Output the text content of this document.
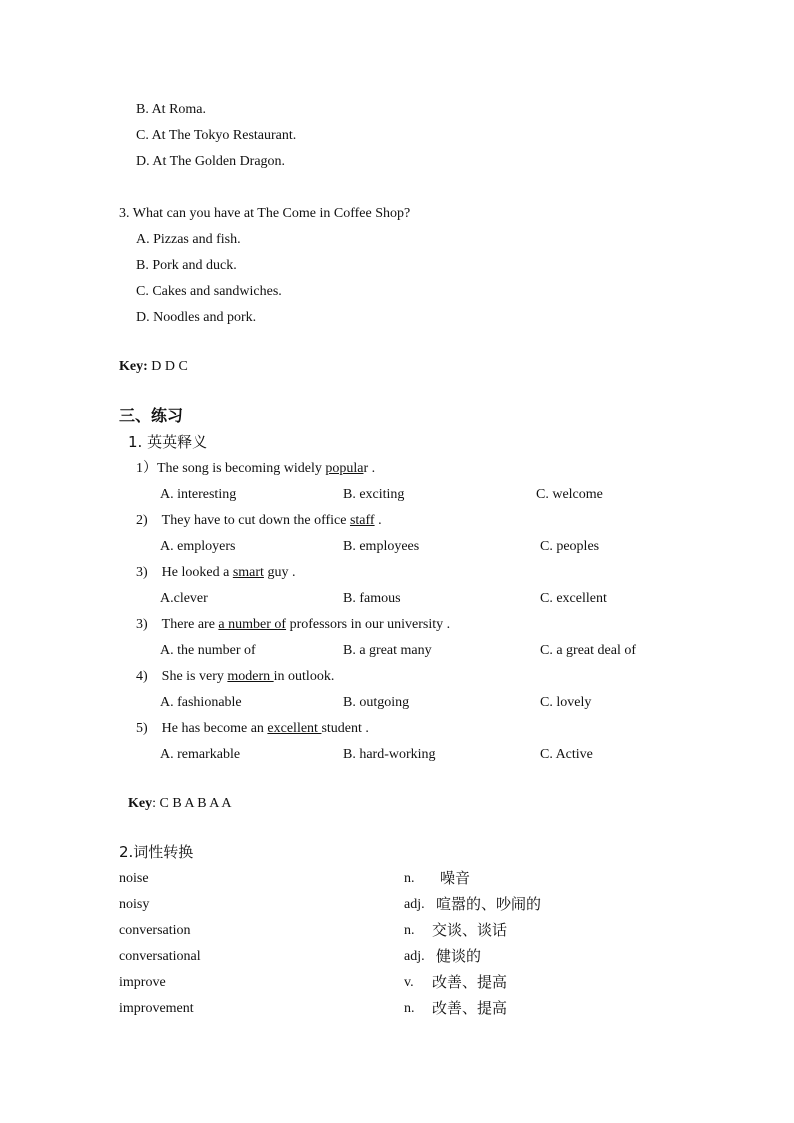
B. At Roma.
C. At The Tokyo Restaurant.
D. At The Golden Dragon.
3. What can you have at The Come in Coffee Shop?
A. Pizzas and fish.
B. Pork and duck.
C. Cakes and sandwiches.
D. Noodles and pork.
Key: D D C
三、练习
1. 英英释义
1）The song is becoming widely popular .
A. interesting	B. exciting	C. welcome
2) They have to cut down the office staff .
A. employers	B. employees	C. peoples
3) He looked a smart guy .
A.clever	B. famous	C. excellent
3) There are a number of professors in our university .
A. the number of	B. a great many	C. a great deal of
4) She is very modern in outlook.
A. fashionable	B. outgoing	C. lovely
5) He has become an excellent student .
A. remarkable	B. hard-working	C. Active
Key: C B A B A A
2.词性转换
noise	n. 噪音
noisy	adj. 喧嚣的、吵闹的
conversation	n. 交谈、谈话
conversational	adj. 健谈的
improve	v. 改善、提高
improvement	n. 改善、提高
